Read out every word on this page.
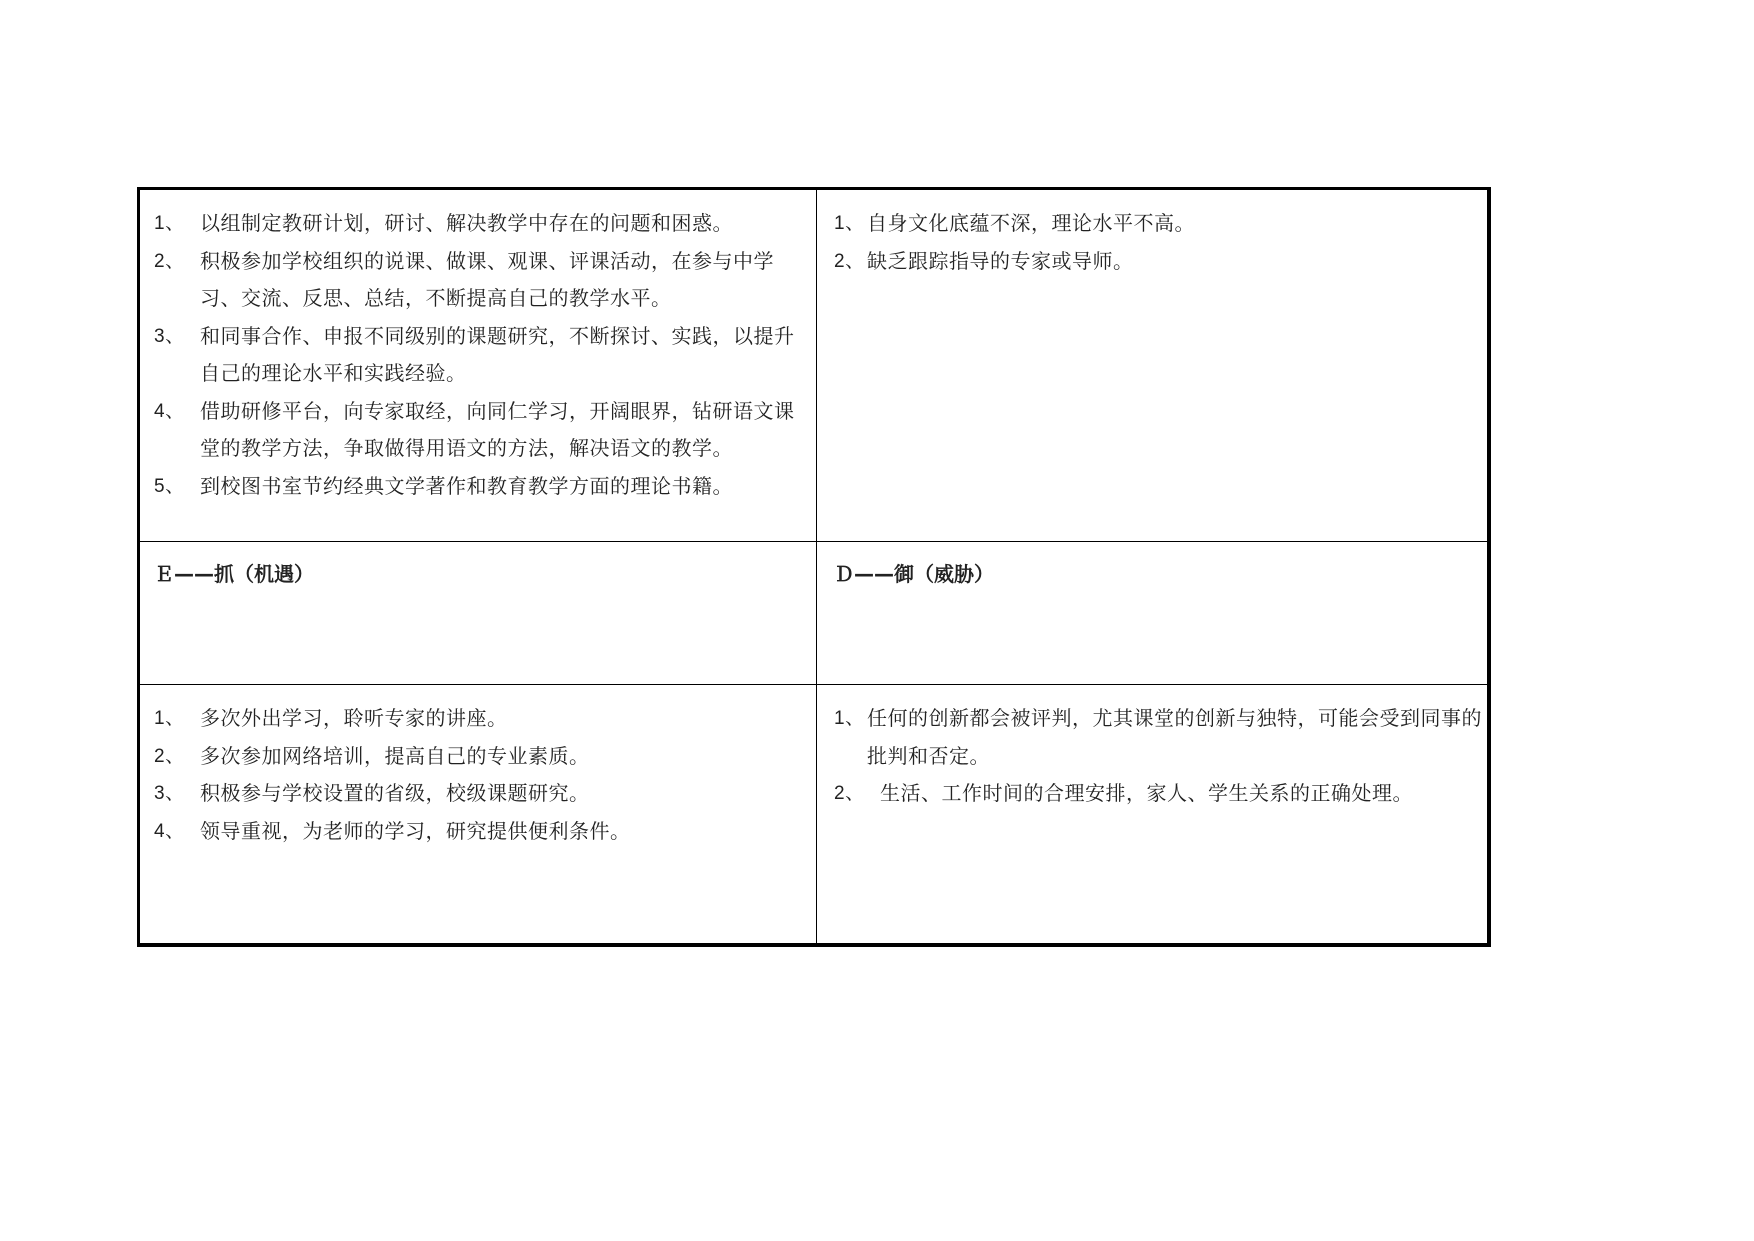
1、 以组制定教研计划，研讨、解决教学中存在的问题和困惑。
2、 积极参加学校组织的说课、做课、观课、评课活动，在参与中学习、交流、反思、总结，不断提高自己的教学水平。
3、 和同事合作、申报不同级别的课题研究，不断探讨、实践，以提升自己的理论水平和实践经验。
4、 借助研修平台，向专家取经，向同仁学习，开阔眼界，钻研语文课堂的教学方法，争取做得用语文的方法，解决语文的教学。
5、 到校图书室节约经典文学著作和教育教学方面的理论书籍。
1、 自身文化底蕴不深，理论水平不高。
2、 缺乏跟踪指导的专家或导师。
Ｅ——抓（机遇）	Ｄ——御（威胁）
1、 多次外出学习，聆听专家的讲座。
2、 多次参加网络培训，提高自己的专业素质。
3、 积极参与学校设置的省级，校级课题研究。
4、 领导重视，为老师的学习，研究提供便利条件。
1、 任何的创新都会被评判，尤其课堂的创新与独特，可能会受到同事的批判和否定。
2、 生活、工作时间的合理安排，家人、学生关系的正确处理。
